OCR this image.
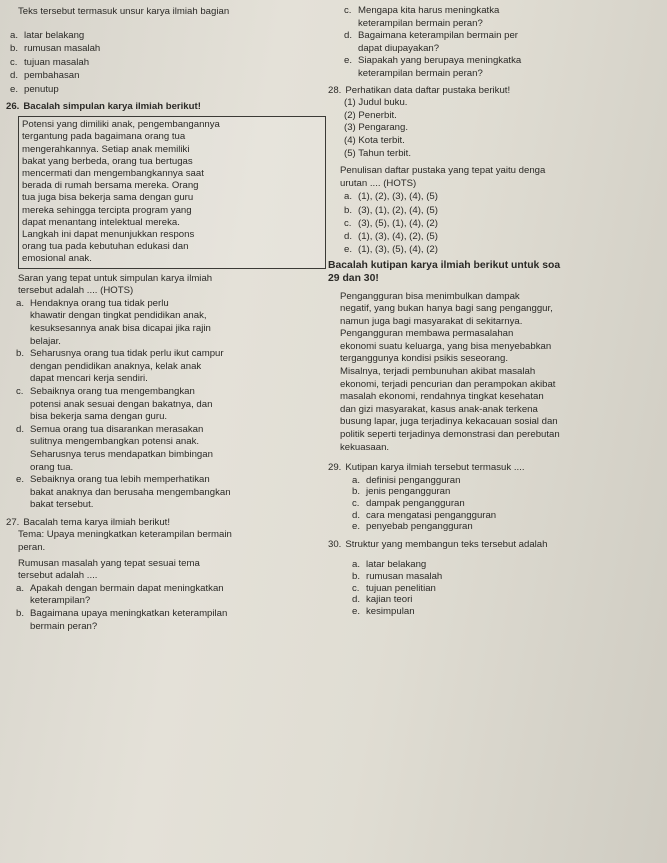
Teks tersebut termasuk unsur karya ilmiah bagian
a. latar belakang
b. rumusan masalah
c. tujuan masalah
d. pembahasan
e. penutup
26. Bacalah simpulan karya ilmiah berikut!
Potensi yang dimiliki anak, pengembangannya
tergantung pada bagaimana orang tua
mengerahkannya. Setiap anak memiliki
bakat yang berbeda, orang tua bertugas
mencermati dan mengembangkannya saat
berada di rumah bersama mereka. Orang
tua juga bisa bekerja sama dengan guru
mereka sehingga tercipta program yang
dapat menantang intelektual mereka.
Langkah ini dapat menunjukkan respons
orang tua pada kebutuhan edukasi dan
emosional anak.
Saran yang tepat untuk simpulan karya ilmiah
tersebut adalah .... (HOTS)
a. Hendaknya orang tua tidak perlu
khawatir dengan tingkat pendidikan anak,
kesuksesannya anak bisa dicapai jika rajin
belajar.
b. Seharusnya orang tua tidak perlu ikut campur
dengan pendidikan anaknya, kelak anak
dapat mencari kerja sendiri.
c. Sebaiknya orang tua mengembangkan
potensi anak sesuai dengan bakatnya, dan
bisa bekerja sama dengan guru.
d. Semua orang tua disarankan merasakan
sulitnya mengembangkan potensi anak.
Seharusnya terus mendapatkan bimbingan
orang tua.
e. Sebaiknya orang tua lebih memperhatikan
bakat anaknya dan berusaha mengembangkan
bakat tersebut.
27. Bacalah tema karya ilmiah berikut!
Tema: Upaya meningkatkan keterampilan bermain
peran.
Rumusan masalah yang tepat sesuai tema
tersebut adalah ....
a. Apakah dengan bermain dapat meningkatkan
keterampilan?
b. Bagaimana upaya meningkatkan keterampilan
bermain peran?
c. Mengapa kita harus meningkatka
keterampilan bermain peran?
d. Bagaimana keterampilan bermain per
dapat diupayakan?
e. Siapakah yang berupaya meningkatka
keterampilan bermain peran?
28. Perhatikan data daftar pustaka berikut!
(1) Judul buku.
(2) Penerbit.
(3) Pengarang.
(4) Kota terbit.
(5) Tahun terbit.
Penulisan daftar pustaka yang tepat yaitu denga
urutan .... (HOTS)
a. (1), (2), (3), (4), (5)
b. (3), (1), (2), (4), (5)
c. (3), (5), (1), (4), (2)
d. (1), (3), (4), (2), (5)
e. (1), (3), (5), (4), (2)
Bacalah kutipan karya ilmiah berikut untuk soa
29 dan 30!
Pengangguran bisa menimbulkan dampak
negatif, yang bukan hanya bagi sang penganggur,
namun juga bagi masyarakat di sekitarnya.
Pengangguran membawa permasalahan
ekonomi suatu keluarga, yang bisa menyebabkan
terganggunya kondisi psikis seseorang.
Misalnya, terjadi pembunuhan akibat masalah
ekonomi, terjadi pencurian dan perampokan akibat
masalah ekonomi, rendahnya tingkat kesehatan
dan gizi masyarakat, kasus anak-anak terkena
busung lapar, juga terjadinya kekacauan sosial dan
politik seperti terjadinya demonstrasi dan perebutan
kekuasaan.
29. Kutipan karya ilmiah tersebut termasuk ....
a. definisi pengangguran
b. jenis pengangguran
c. dampak pengangguran
d. cara mengatasi pengangguran
e. penyebab pengangguran
30. Struktur yang membangun teks tersebut adalah
a. latar belakang
b. rumusan masalah
c. tujuan penelitian
d. kajian teori
e. kesimpulan
